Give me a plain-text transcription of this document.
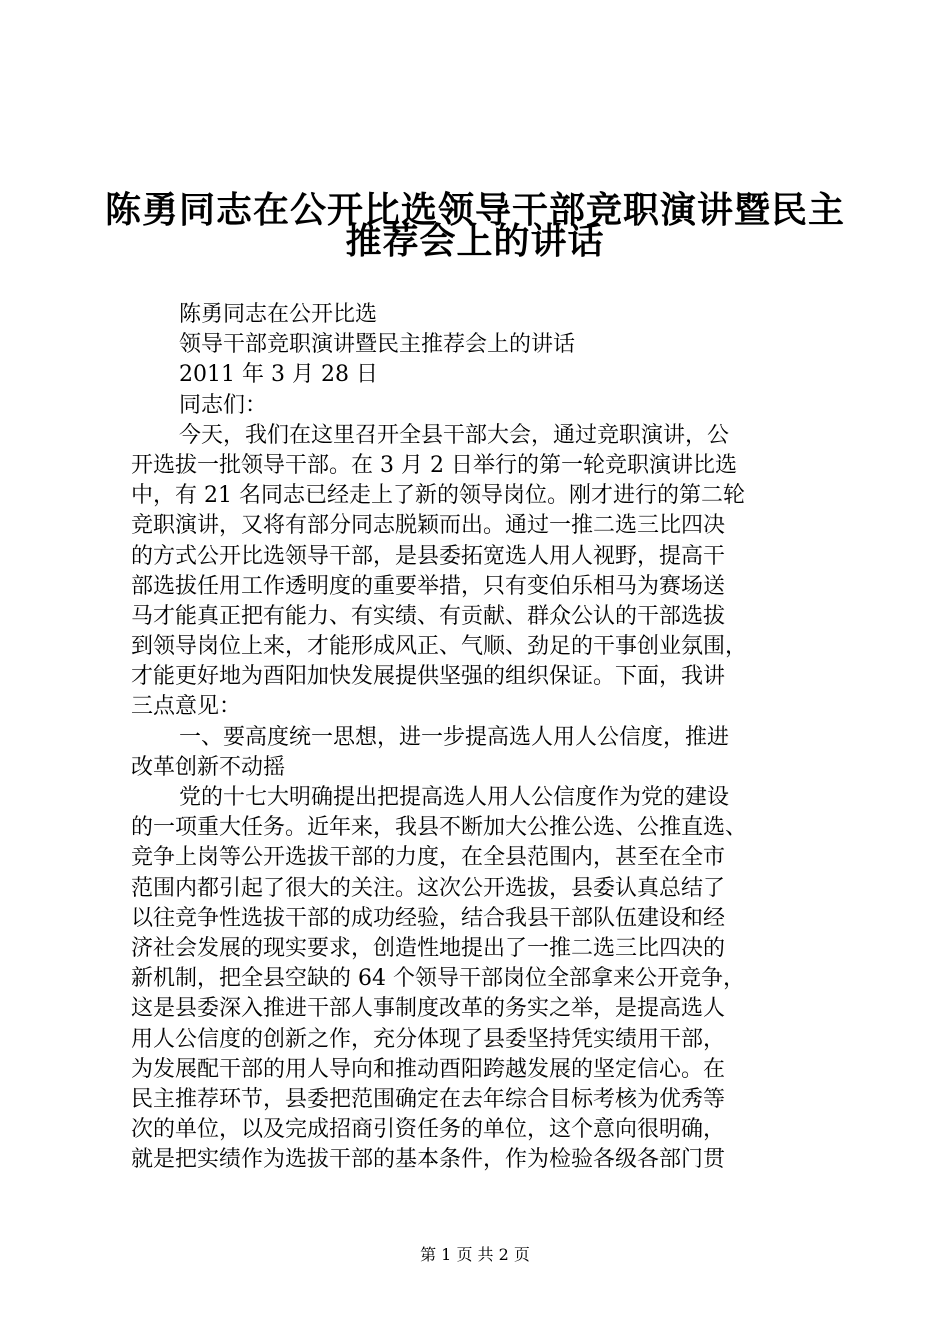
陈勇同志在公开比选领导干部竞职演讲暨民主
推荐会上的讲话
陈勇同志在公开比选
领导干部竞职演讲暨民主推荐会上的讲话
2011 年 3 月 28 日
同志们：
今天，我们在这里召开全县干部大会，通过竞职演讲，公
开选拔一批领导干部。在 3 月 2 日举行的第一轮竞职演讲比选
中，有 21 名同志已经走上了新的领导岗位。刚才进行的第二轮
竞职演讲，又将有部分同志脱颖而出。通过一推二选三比四决
的方式公开比选领导干部，是县委拓宽选人用人视野，提高干
部选拔任用工作透明度的重要举措，只有变伯乐相马为赛场送
马才能真正把有能力、有实绩、有贡献、群众公认的干部选拔
到领导岗位上来，才能形成风正、气顺、劲足的干事创业氛围，
才能更好地为酉阳加快发展提供坚强的组织保证。下面，我讲
三点意见：
一、要高度统一思想，进一步提高选人用人公信度，推进
改革创新不动摇
党的十七大明确提出把提高选人用人公信度作为党的建设
的一项重大任务。近年来，我县不断加大公推公选、公推直选、
竞争上岗等公开选拔干部的力度，在全县范围内，甚至在全市
范围内都引起了很大的关注。这次公开选拔，县委认真总结了
以往竞争性选拔干部的成功经验，结合我县干部队伍建设和经
济社会发展的现实要求，创造性地提出了一推二选三比四决的
新机制，把全县空缺的 64 个领导干部岗位全部拿来公开竞争，
这是县委深入推进干部人事制度改革的务实之举，是提高选人
用人公信度的创新之作，充分体现了县委坚持凭实绩用干部，
为发展配干部的用人导向和推动酉阳跨越发展的坚定信心。在
民主推荐环节，县委把范围确定在去年综合目标考核为优秀等
次的单位，以及完成招商引资任务的单位，这个意向很明确，
就是把实绩作为选拔干部的基本条件，作为检验各级各部门贯
第 1 页 共 2 页
